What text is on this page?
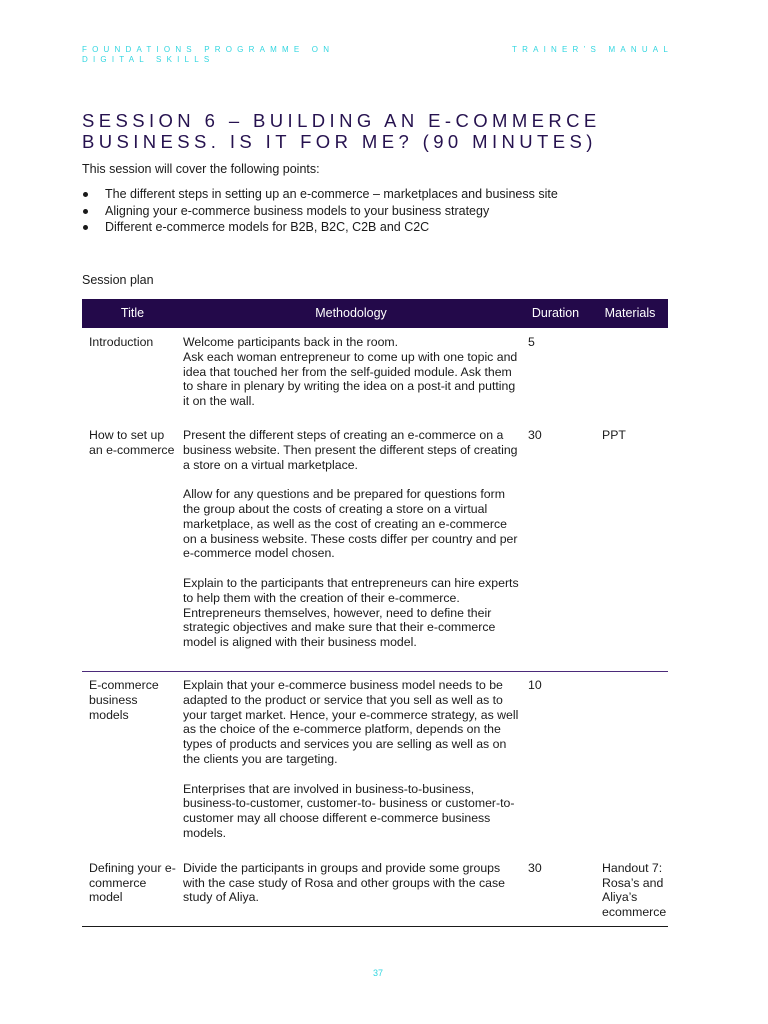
FOUNDATIONS PROGRAMME ON DIGITAL SKILLS
TRAINER’S MANUAL
SESSION 6 – BUILDING AN E-COMMERCE BUSINESS. IS IT FOR ME? (90 MINUTES)

This session will cover the following points:

The different steps in setting up an e-commerce – marketplaces and business site
Aligning your e-commerce business models to your business strategy
Different e-commerce models for B2B, B2C, C2B and C2C

Session plan

Title	Methodology	Duration	Materials
Introduction	Welcome participants back in the room.
Ask each woman entrepreneur to come up with one topic and idea that touched her from the self-guided module. Ask them to share in plenary by writing the idea on a post-it and putting it on the wall.	5	
How to set up an e-commerce	Present the different steps of creating an e-commerce on a business website. Then present the different steps of creating a store on a virtual marketplace.
Allow for any questions and be prepared for questions form the group about the costs of creating a store on a virtual marketplace, as well as the cost of creating an e-commerce on a business website. These costs differ per country and per e-commerce model chosen.
Explain to the participants that entrepreneurs can hire experts to help them with the creation of their e-commerce. Entrepreneurs themselves, however, need to define their strategic objectives and make sure that their e-commerce model is aligned with their business model.	30	PPT
E-commerce business models	Explain that your e-commerce business model needs to be adapted to the product or service that you sell as well as to your target market. Hence, your e-commerce strategy, as well as the choice of the e-commerce platform, depends on the types of products and services you are selling as well as on the clients you are targeting.
Enterprises that are involved in business-to-business, business-to-customer, customer-to- business or customer-to-customer may all choose different e-commerce business models.	10	
Defining your e-commerce model	Divide the participants in groups and provide some groups with the case study of Rosa and other groups with the case study of Aliya.	30	Handout 7: Rosa’s and Aliya’s ecommerce
37
